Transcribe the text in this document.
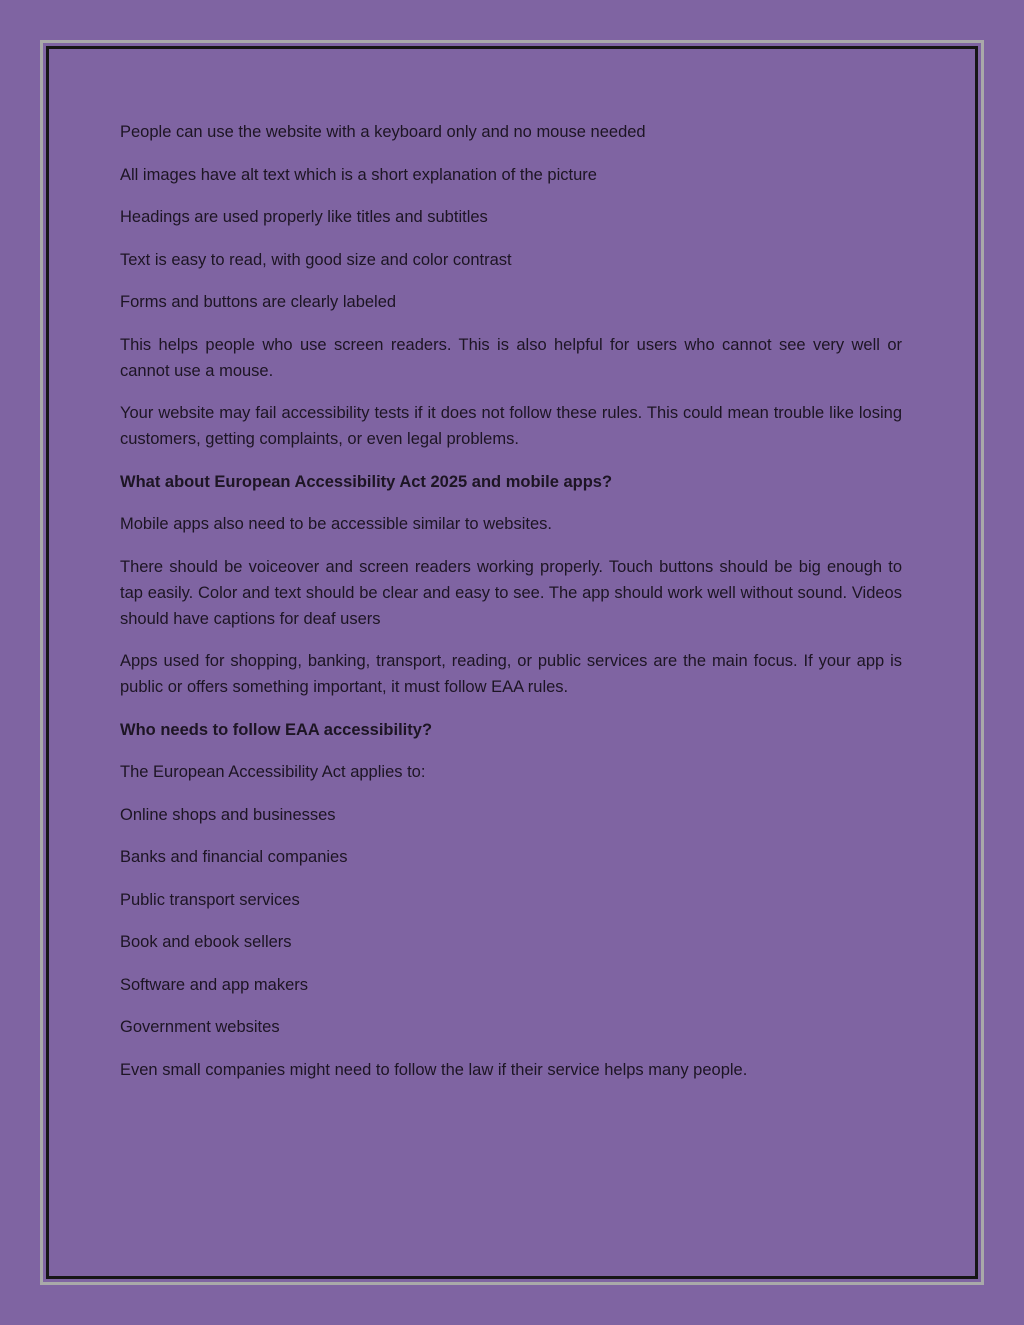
People can use the website with a keyboard only and no mouse needed

All images have alt text which is a short explanation of the picture

Headings are used properly like titles and subtitles

Text is easy to read, with good size and color contrast

Forms and buttons are clearly labeled

This helps people who use screen readers. This is also helpful for users who cannot see very well or cannot use a mouse.

Your website may fail accessibility tests if it does not follow these rules. This could mean trouble like losing customers, getting complaints, or even legal problems.

What about European Accessibility Act 2025 and mobile apps?

Mobile apps also need to be accessible similar to websites.

There should be voiceover and screen readers working properly. Touch buttons should be big enough to tap easily. Color and text should be clear and easy to see. The app should work well without sound. Videos should have captions for deaf users

Apps used for shopping, banking, transport, reading, or public services are the main focus. If your app is public or offers something important, it must follow EAA rules.

Who needs to follow EAA accessibility?

The European Accessibility Act applies to:

Online shops and businesses

Banks and financial companies

Public transport services

Book and ebook sellers

Software and app makers

Government websites

Even small companies might need to follow the law if their service helps many people.
